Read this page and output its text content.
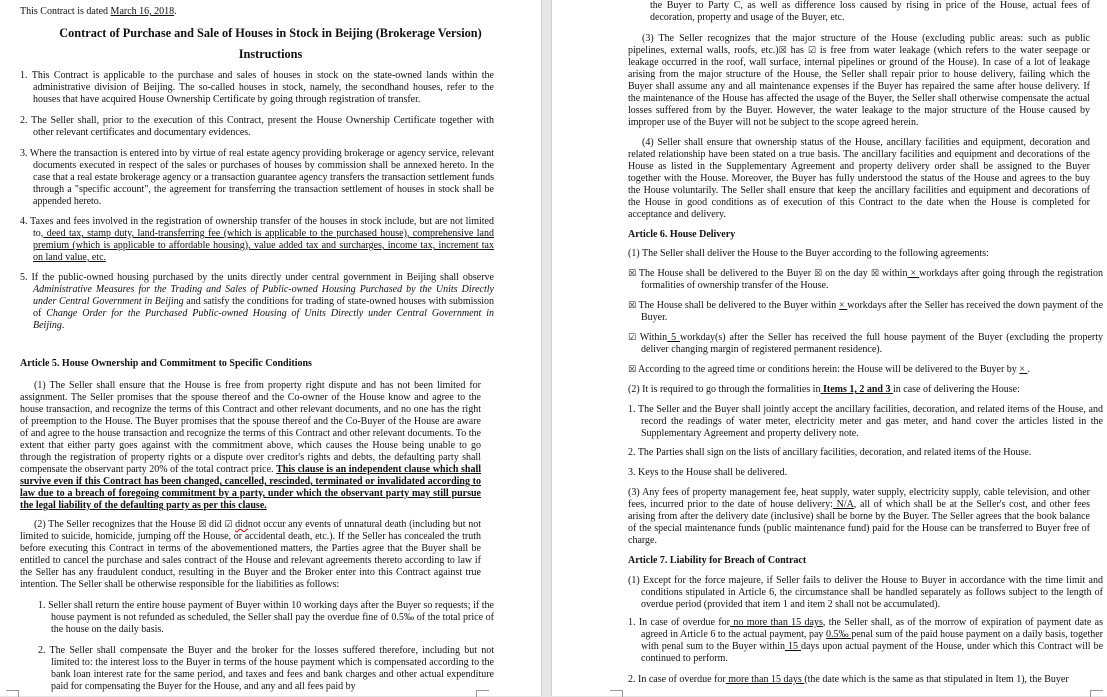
This Contract is dated March 16, 2018.
Contract of Purchase and Sale of Houses in Stock in Beijing (Brokerage Version)
Instructions
1. This Contract is applicable to the purchase and sales of houses in stock on the state-owned lands within the administrative division of Beijing. The so-called houses in stock, namely, the secondhand houses, refer to the houses that have acquired House Ownership Certificate by going through registration of transfer.
2. The Seller shall, prior to the execution of this Contract, present the House Ownership Certificate together with other relevant certificates and documentary evidences.
3. Where the transaction is entered into by virtue of real estate agency providing brokerage or agency service, relevant documents executed in respect of the sales or purchases of houses by commission shall be annexed hereto. In the case that a real estate brokerage agency or a transaction guarantee agency transfers the transaction settlement funds through a "specific account", the agreement for transferring the transaction settlement of houses in stock shall be appended hereto.
4. Taxes and fees involved in the registration of ownership transfer of the houses in stock include, but are not limited to, deed tax, stamp duty, land-transferring fee (which is applicable to the purchased house), comprehensive land premium (which is applicable to affordable housing), value added tax and surcharges, income tax, increment tax on land value, etc.
5. If the public-owned housing purchased by the units directly under central government in Beijing shall observe Administrative Measures for the Trading and Sales of Public-owned Housing Purchased by the Units Directly under Central Government in Beijing and satisfy the conditions for trading of state-owned houses with submission of Change Order for the Purchased Public-owned Housing of Units Directly under Central Government in Beijing.
Article 5. House Ownership and Commitment to Specific Conditions
(1) The Seller shall ensure that the House is free from property right dispute and has not been limited for assignment. The Seller promises that the spouse thereof and the Co-owner of the House know and agree to the house transaction, and recognize the terms of this Contract and other relevant documents, and no one has the right of preemption to the House. The Buyer promises that the spouse thereof and the Co-Buyer of the House are aware of and agree to the house transaction and recognize the terms of this Contract and other relevant documents. To the extent that either party goes against with the commitment above, which causes the House being unable to go through the registration of property rights or a dispute over creditor's rights and debts, the defaulting party shall compensate the observant party 20% of the total contract price. This clause is an independent clause which shall survive even if this Contract has been changed, cancelled, rescinded, terminated or invalidated according to law due to a breach of foregoing commitment by a party, under which the observant party may still pursue the legal liability of the defaulting party as per this clause.
(2) The Seller recognizes that the House ☒ did ☑ didnot occur any events of unnatural death (including but not limited to suicide, homicide, jumping off the House, or accidental death, etc.). If the Seller has concealed the truth before executing this Contract in terms of the abovementioned matters, the Parties agree that the Buyer shall be entitled to cancel the purchase and sales contract of the House and relevant agreements thereto according to law if the Seller has any fraudulent conduct, resulting in the Buyer and the Broker enter into this Contract against true intention. The Seller shall be otherwise responsible for the liabilities as follows:
1. Seller shall return the entire house payment of Buyer within 10 working days after the Buyer so requests; if the house payment is not refunded as scheduled, the Seller shall pay the overdue fine of 0.5‰ of the total price of the house on the daily basis.
2. The Seller shall compensate the Buyer and the broker for the losses suffered therefore, including but not limited to: the interest loss to the Buyer in terms of the house payment which is compensated according to the bank loan interest rate for the same period, and taxes and fees and bank charges and other actual expenditure paid for compensating the Buyer for the House, and any and all fees paid by
the Buyer to Party C, as well as difference loss caused by rising in price of the House, actual fees of decoration, property and usage of the Buyer, etc.
(3) The Seller recognizes that the major structure of the House (excluding public areas: such as public pipelines, external walls, roofs, etc.)☒ has ☑ is free from water leakage (which refers to the water seepage or leakage occurred in the roof, wall surface, internal pipelines or ground of the House). In case of a lot of leakage arising from the major structure of the House, the Seller shall repair prior to house delivery, failing which the Buyer shall assume any and all maintenance expenses if the Buyer has repaired the same after house delivery. If the maintenance of the House has affected the usage of the Buyer, the Seller shall otherwise compensate the actual losses suffered from by the Buyer. However, the water leakage to the major structure of the House caused by improper use of the Buyer will not be subject to the scope agreed herein.
(4) Seller shall ensure that ownership status of the House, ancillary facilities and equipment, decoration and related relationship have been stated on a true basis. The ancillary facilities and equipment and decorations of the House as listed in the Supplementary Agreement and property delivery order shall be assigned to the Buyer together with the House. Moreover, the Buyer has fully understood the status of the House and agrees to the buy the House voluntarily. The Seller shall ensure that keep the ancillary facilities and equipment and decorations of the House in good conditions as of execution of this Contract to the date when the House is completed for acceptance and delivery.
Article 6. House Delivery
(1) The Seller shall deliver the House to the Buyer according to the following agreements:
☒ The House shall be delivered to the Buyer ☒ on the day ☒ within × workdays after going through the registration formalities of ownership transfer of the House.
☒ The House shall be delivered to the Buyer within × workdays after the Seller has received the down payment of the Buyer.
☑ Within 5 workday(s) after the Seller has received the full house payment of the Buyer (excluding the property deliver changing margin of registered permanent residence).
☒ According to the agreed time or conditions herein: the House will be delivered to the Buyer by × .
(2) It is required to go through the formalities in Items 1, 2 and 3 in case of delivering the House:
1. The Seller and the Buyer shall jointly accept the ancillary facilities, decoration, and related items of the House, and record the readings of water meter, electricity meter and gas meter, and hand cover the articles listed in the Supplementary Agreement and property delivery note.
2. The Parties shall sign on the lists of ancillary facilities, decoration, and related items of the House.
3. Keys to the House shall be delivered.
(3) Any fees of property management fee, heat supply, water supply, electricity supply, cable television, and other fees, incurred prior to the date of house delivery: N/A, all of which shall be at the Seller's cost, and other fees arising from after the delivery date (inclusive) shall be borne by the Buyer. The Seller agrees that the book balance of the special maintenance funds (public maintenance fund) paid for the House can be transferred to Buyer free of charge.
Article 7. Liability for Breach of Contract
(1) Except for the force majeure, if Seller fails to deliver the House to Buyer in accordance with the time limit and conditions stipulated in Article 6, the circumstance shall be handled separately as follows subject to the length of overdue period (provided that item 1 and item 2 shall not be accumulated).
1. In case of overdue for no more than 15 days, the Seller shall, as of the morrow of expiration of payment date as agreed in Article 6 to the actual payment, pay 0.5‰ penal sum of the paid house payment on a daily basis, together with penal sum to the Buyer within 15 days upon actual payment of the House, under which this Contract will be continued to perform.
2. In case of overdue for more than 15 days (the date which is the same as that stipulated in Item 1), the Buyer
